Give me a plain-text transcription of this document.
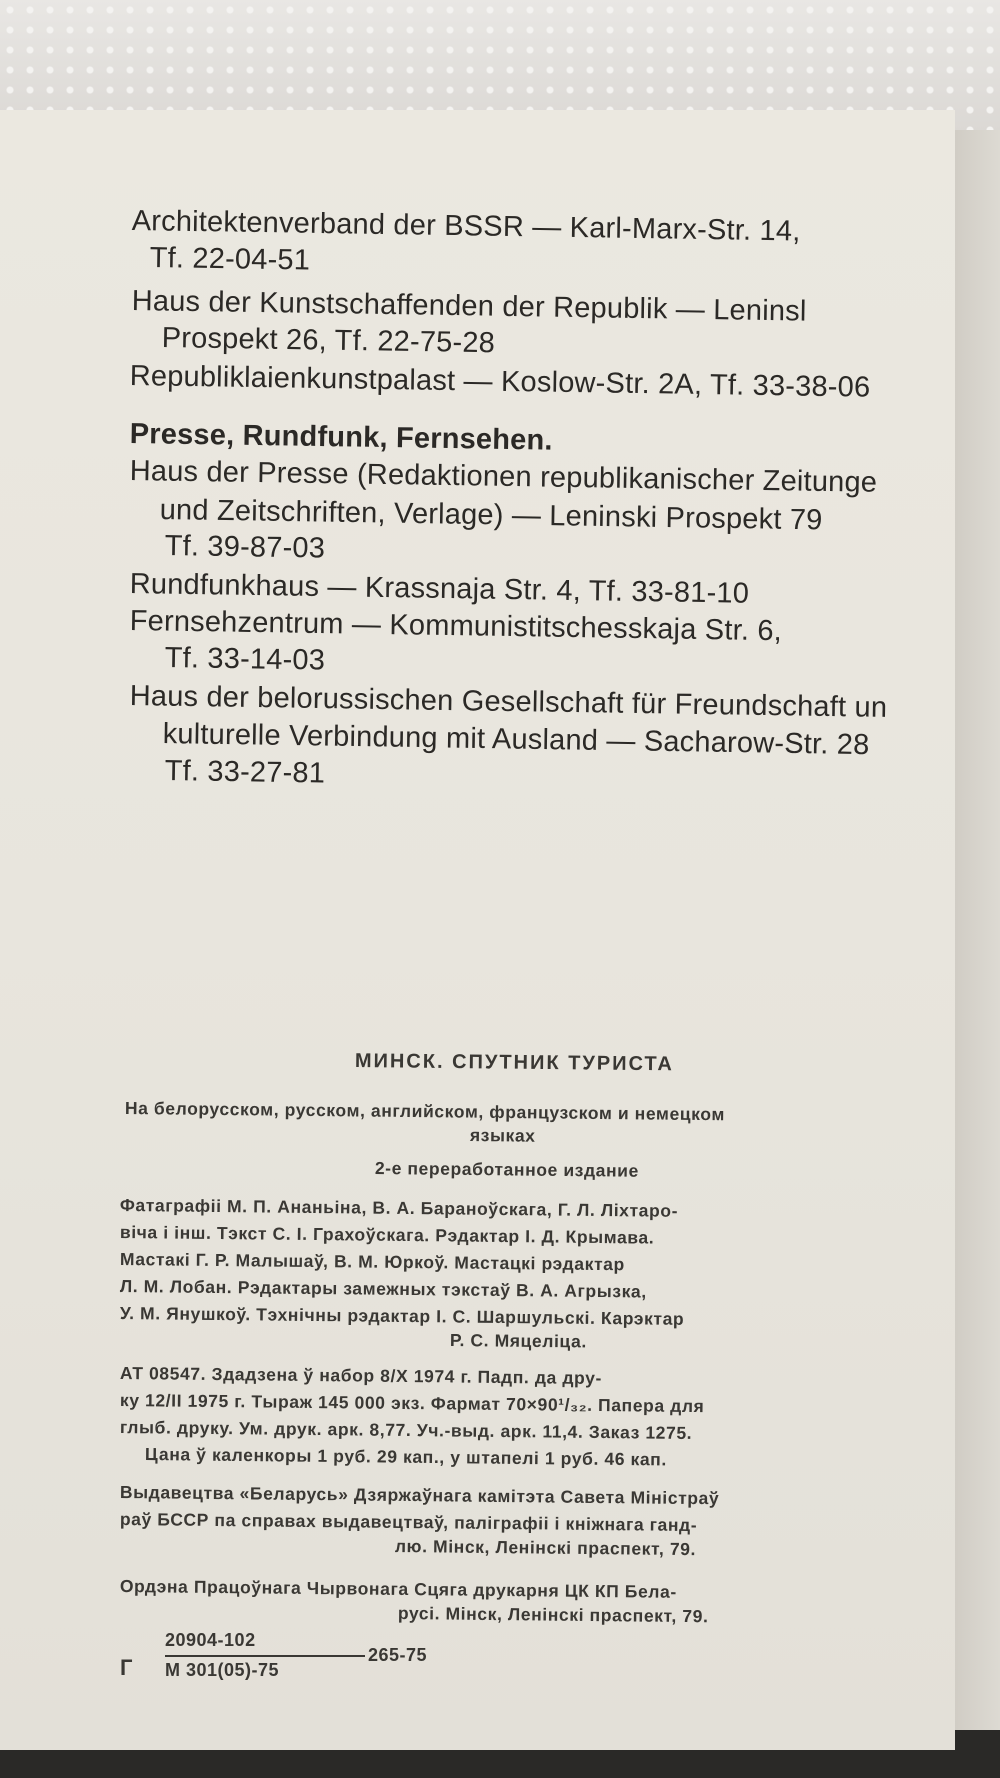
Architektenverband der BSSR — Karl-Marx-Str. 14,
Tf. 22-04-51
Haus der Kunstschaffenden der Republik — Leninsl
Prospekt 26, Tf. 22-75-28
Republiklaienkunstpalast — Koslow-Str. 2A, Tf. 33-38-06
Presse, Rundfunk, Fernsehen.
Haus der Presse (Redaktionen republikanischer Zeitunge
und Zeitschriften, Verlage) — Leninski Prospekt 79
Tf. 39-87-03
Rundfunkhaus — Krassnaja Str. 4, Tf. 33-81-10
Fernsehzentrum — Kommunistitschesskaja Str. 6,
Tf. 33-14-03
Haus der belorussischen Gesellschaft für Freundschaft un
kulturelle Verbindung mit Ausland — Sacharow-Str. 28
Tf. 33-27-81
МИНСК. СПУТНИК ТУРИСТА
На белорусском, русском, английском, французском и немецком
языках
2-е переработанное издание
Фатаграфіі М. П. Ананьіна, В. А. Бараноўскага, Г. Л. Ліхтаро-
віча і інш. Тэкст С. І. Грахоўскага. Рэдактар І. Д. Крымава.
Мастакі Г. Р. Малышаў, В. М. Юркоў. Мастацкі рэдактар
Л. М. Лобан. Рэдактары замежных тэкстаў В. А. Агрызка,
У. М. Янушкоў. Тэхнічны рэдактар І. С. Шаршульскі. Карэктар
Р. С. Мяцеліца.
АТ 08547. Здадзена ў набор 8/X 1974 г. Падп. да дру-
ку 12/II 1975 г. Тыраж 145 000 экз. Фармат 70×90¹/₃₂. Папера для
глыб. друку. Ум. друк. арк. 8,77. Уч.-выд. арк. 11,4. Заказ 1275.
Цана ў каленкоры 1 руб. 29 кап., у штапелі 1 руб. 46 кап.
Выдавецтва «Беларусь» Дзяржаўнага камітэта Савета Міністраў
раў БССР па справах выдавецтваў, паліграфіі і кніжнага ганд-
лю. Мінск, Ленінскі праспект, 79.
Ордэна Працоўнага Чырвонага Сцяга друкарня ЦК КП Бела-
русі. Мінск, Ленінскі праспект, 79.
Г
20904-102
М 301(05)-75
265-75
